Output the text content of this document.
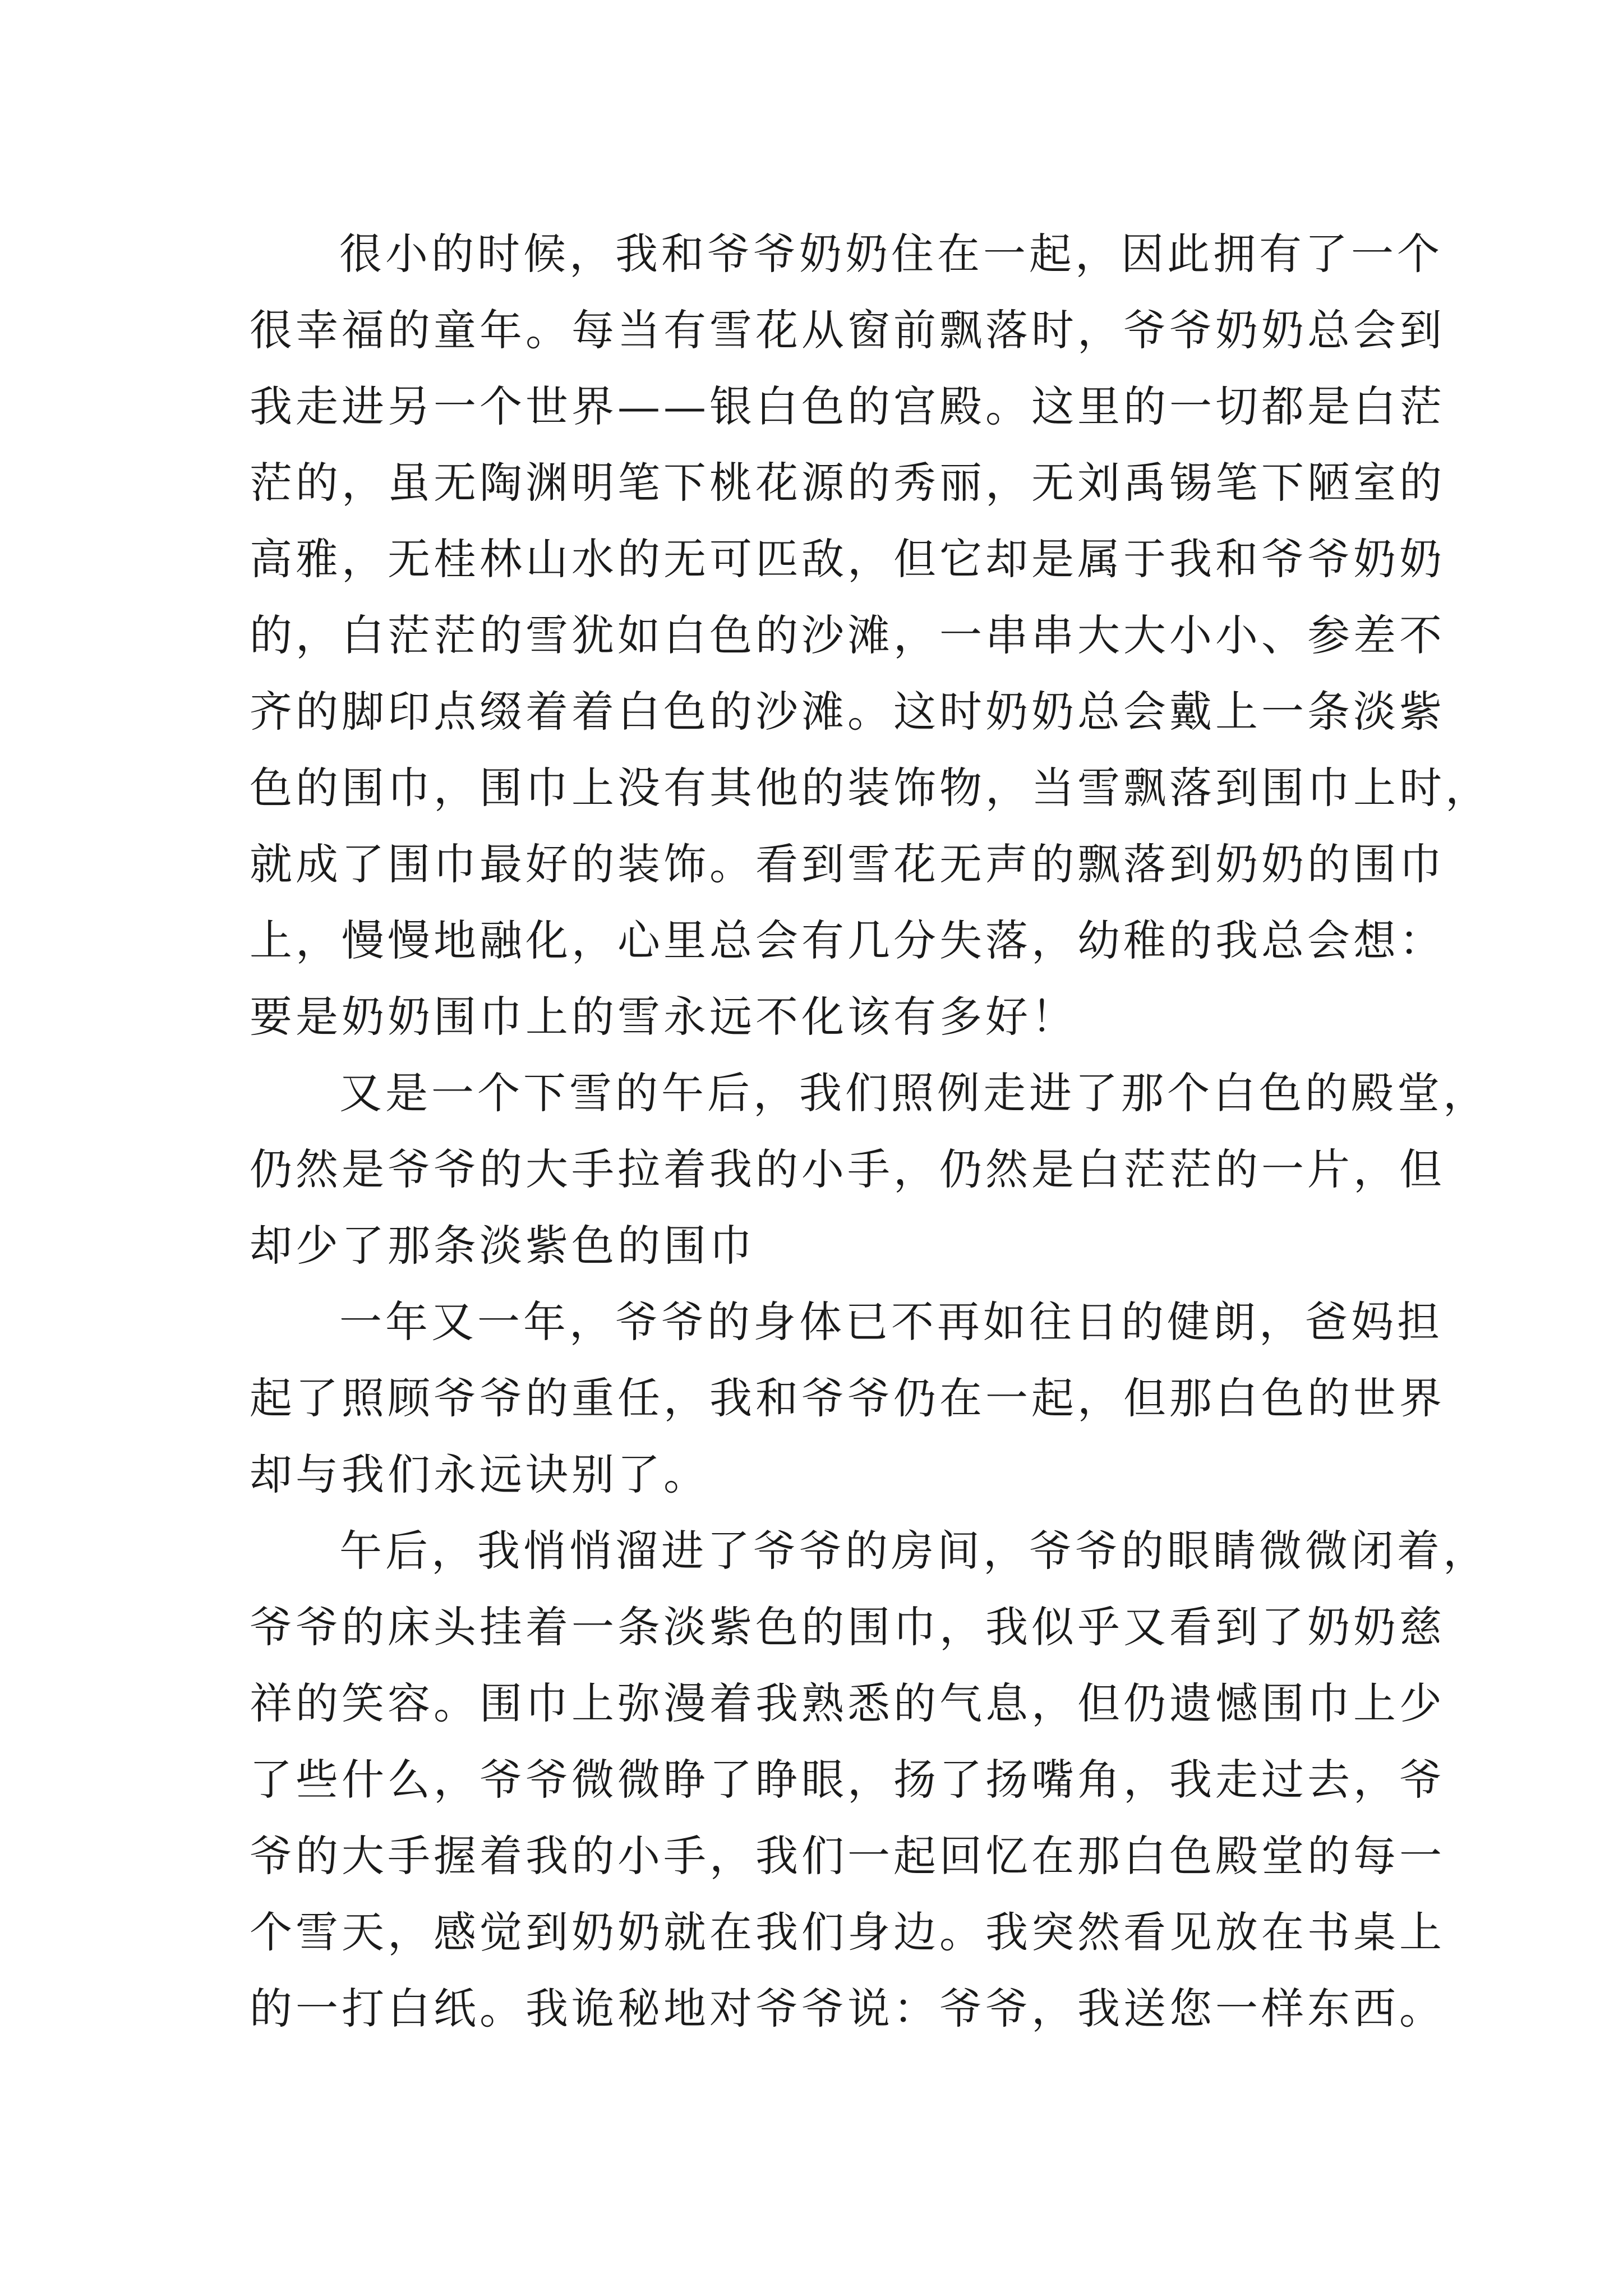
很小的时候，我和爷爷奶奶住在一起，因此拥有了一个
很幸福的童年。每当有雪花从窗前飘落时，爷爷奶奶总会到
我走进另一个世界——银白色的宫殿。这里的一切都是白茫
茫的，虽无陶渊明笔下桃花源的秀丽，无刘禹锡笔下陋室的
高雅，无桂林山水的无可匹敌，但它却是属于我和爷爷奶奶
的，白茫茫的雪犹如白色的沙滩，一串串大大小小、参差不
齐的脚印点缀着着白色的沙滩。这时奶奶总会戴上一条淡紫
色的围巾，围巾上没有其他的装饰物，当雪飘落到围巾上时，
就成了围巾最好的装饰。看到雪花无声的飘落到奶奶的围巾
上，慢慢地融化，心里总会有几分失落，幼稚的我总会想：
要是奶奶围巾上的雪永远不化该有多好！
又是一个下雪的午后，我们照例走进了那个白色的殿堂，
仍然是爷爷的大手拉着我的小手，仍然是白茫茫的一片，但
却少了那条淡紫色的围巾
一年又一年，爷爷的身体已不再如往日的健朗，爸妈担
起了照顾爷爷的重任，我和爷爷仍在一起，但那白色的世界
却与我们永远诀别了。
午后，我悄悄溜进了爷爷的房间，爷爷的眼睛微微闭着，
爷爷的床头挂着一条淡紫色的围巾，我似乎又看到了奶奶慈
祥的笑容。围巾上弥漫着我熟悉的气息，但仍遗憾围巾上少
了些什么，爷爷微微睁了睁眼，扬了扬嘴角，我走过去，爷
爷的大手握着我的小手，我们一起回忆在那白色殿堂的每一
个雪天，感觉到奶奶就在我们身边。我突然看见放在书桌上
的一打白纸。我诡秘地对爷爷说：爷爷，我送您一样东西。
